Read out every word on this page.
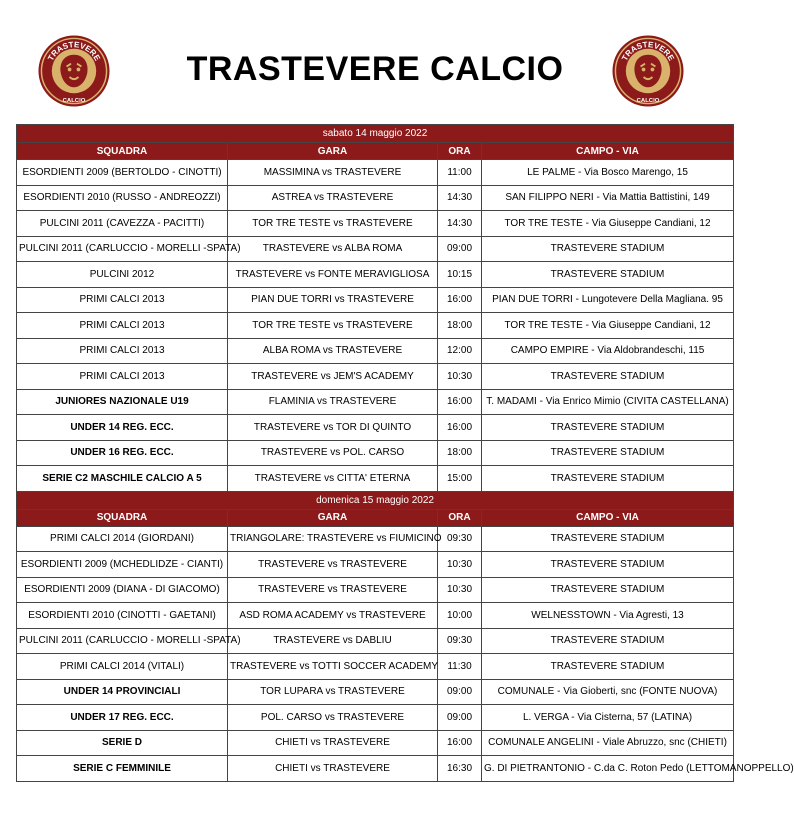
TRASTEVERE
CALCIO
TRASTEVERE CALCIO	TRASTEVERE
CALCIO
sabato 14 maggio 2022			
SQUADRA	GARA	ORA	CAMPO - VIA
ESORDIENTI 2009 (BERTOLDO - CINOTTI)	MASSIMINA vs TRASTEVERE	11:00	LE PALME - Via Bosco Marengo, 15
ESORDIENTI 2010 (RUSSO - ANDREOZZI)	ASTREA vs TRASTEVERE	14:30	SAN FILIPPO NERI - Via Mattia Battistini, 149
PULCINI 2011 (CAVEZZA - PACITTI)	TOR TRE TESTE vs TRASTEVERE	14:30	TOR TRE TESTE - Via Giuseppe Candiani, 12
PULCINI 2011 (CARLUCCIO - MORELLI -SPATA)	TRASTEVERE vs ALBA ROMA	09:00	TRASTEVERE STADIUM
PULCINI 2012	TRASTEVERE vs FONTE MERAVIGLIOSA	10:15	TRASTEVERE STADIUM
PRIMI CALCI 2013	PIAN DUE TORRI vs TRASTEVERE	16:00	PIAN DUE TORRI - Lungotevere Della Magliana. 95
PRIMI CALCI 2013	TOR TRE TESTE vs TRASTEVERE	18:00	TOR TRE TESTE - Via Giuseppe Candiani, 12
PRIMI CALCI 2013	ALBA ROMA vs TRASTEVERE	12:00	CAMPO EMPIRE - Via Aldobrandeschi, 115
PRIMI CALCI 2013	TRASTEVERE vs JEM'S ACADEMY	10:30	TRASTEVERE STADIUM
JUNIORES NAZIONALE U19	FLAMINIA vs TRASTEVERE	16:00	T. MADAMI - Via Enrico Mimio (CIVITA CASTELLANA)
UNDER 14 REG. ECC.	TRASTEVERE vs TOR DI QUINTO	16:00	TRASTEVERE STADIUM
UNDER 16 REG. ECC.	TRASTEVERE vs POL. CARSO	18:00	TRASTEVERE STADIUM
SERIE C2 MASCHILE CALCIO A 5	TRASTEVERE vs CITTA' ETERNA	15:00	TRASTEVERE STADIUM
domenica 15 maggio 2022			
SQUADRA	GARA	ORA	CAMPO - VIA
PRIMI CALCI 2014 (GIORDANI)	TRIANGOLARE: TRASTEVERE vs FIUMICINO	09:30	TRASTEVERE STADIUM
ESORDIENTI 2009 (MCHEDLIDZE - CIANTI)	TRASTEVERE vs TRASTEVERE	10:30	TRASTEVERE STADIUM
ESORDIENTI 2009 (DIANA - DI GIACOMO)	TRASTEVERE vs TRASTEVERE	10:30	TRASTEVERE STADIUM
ESORDIENTI 2010 (CINOTTI - GAETANI)	ASD ROMA ACADEMY vs TRASTEVERE	10:00	WELNESSTOWN - Via Agresti, 13
PULCINI 2011 (CARLUCCIO - MORELLI -SPATA)	TRASTEVERE vs DABLIU	09:30	TRASTEVERE STADIUM
PRIMI CALCI 2014 (VITALI)	TRASTEVERE vs TOTTI SOCCER ACADEMY	11:30	TRASTEVERE STADIUM
UNDER 14 PROVINCIALI	TOR LUPARA vs TRASTEVERE	09:00	COMUNALE - Via Gioberti, snc (FONTE NUOVA)
UNDER 17 REG. ECC.	POL. CARSO vs TRASTEVERE	09:00	L. VERGA - Via Cisterna, 57 (LATINA)
SERIE D	CHIETI vs TRASTEVERE	16:00	COMUNALE ANGELINI - Viale Abruzzo, snc (CHIETI)
SERIE C FEMMINILE	CHIETI vs TRASTEVERE	16:30	G. DI PIETRANTONIO - C.da C. Roton Pedo (LETTOMANOPPELLO)
